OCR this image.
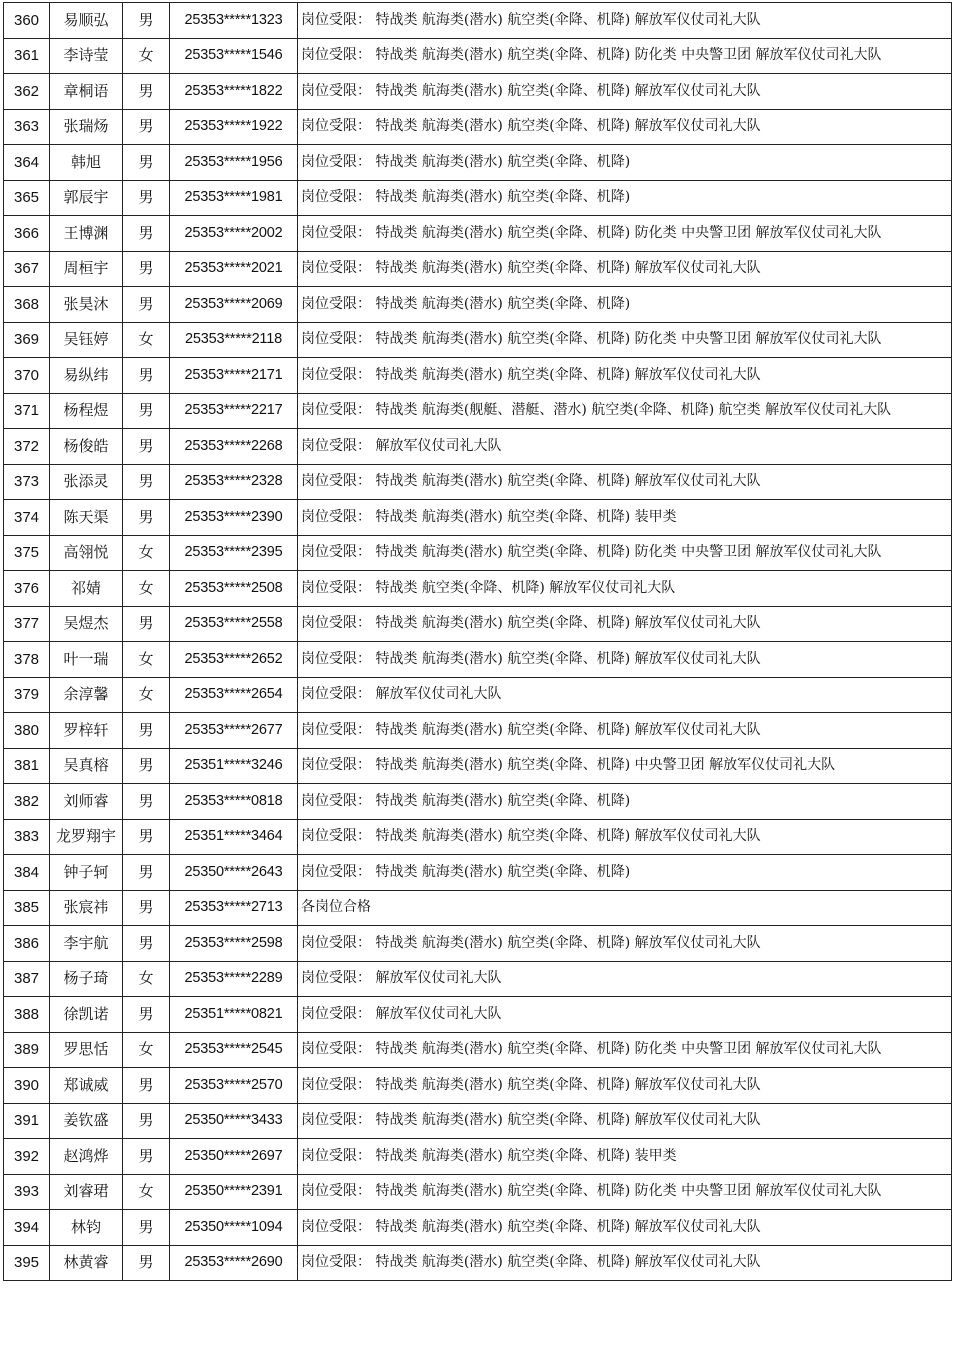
360	易顺弘	男	25353*****1323	岗位受限： 特战类 航海类(潜水) 航空类(伞降、机降) 解放军仪仗司礼大队
361	李诗莹	女	25353*****1546	岗位受限： 特战类 航海类(潜水) 航空类(伞降、机降) 防化类 中央警卫团 解放军仪仗司礼大队
362	章桐语	男	25353*****1822	岗位受限： 特战类 航海类(潜水) 航空类(伞降、机降) 解放军仪仗司礼大队
363	张瑞炀	男	25353*****1922	岗位受限： 特战类 航海类(潜水) 航空类(伞降、机降) 解放军仪仗司礼大队
364	韩旭	男	25353*****1956	岗位受限： 特战类 航海类(潜水) 航空类(伞降、机降)
365	郭辰宇	男	25353*****1981	岗位受限： 特战类 航海类(潜水) 航空类(伞降、机降)
366	王博渊	男	25353*****2002	岗位受限： 特战类 航海类(潜水) 航空类(伞降、机降) 防化类 中央警卫团 解放军仪仗司礼大队
367	周桓宇	男	25353*****2021	岗位受限： 特战类 航海类(潜水) 航空类(伞降、机降) 解放军仪仗司礼大队
368	张昊沐	男	25353*****2069	岗位受限： 特战类 航海类(潜水) 航空类(伞降、机降)
369	吴钰婷	女	25353*****2118	岗位受限： 特战类 航海类(潜水) 航空类(伞降、机降) 防化类 中央警卫团 解放军仪仗司礼大队
370	易纵纬	男	25353*****2171	岗位受限： 特战类 航海类(潜水) 航空类(伞降、机降) 解放军仪仗司礼大队
371	杨程煜	男	25353*****2217	岗位受限： 特战类 航海类(舰艇、潜艇、潜水) 航空类(伞降、机降) 航空类 解放军仪仗司礼大队
372	杨俊皓	男	25353*****2268	岗位受限： 解放军仪仗司礼大队
373	张添灵	男	25353*****2328	岗位受限： 特战类 航海类(潜水) 航空类(伞降、机降) 解放军仪仗司礼大队
374	陈天渠	男	25353*****2390	岗位受限： 特战类 航海类(潜水) 航空类(伞降、机降) 装甲类
375	高翎悦	女	25353*****2395	岗位受限： 特战类 航海类(潜水) 航空类(伞降、机降) 防化类 中央警卫团 解放军仪仗司礼大队
376	祁婧	女	25353*****2508	岗位受限： 特战类 航空类(伞降、机降) 解放军仪仗司礼大队
377	吴煜杰	男	25353*****2558	岗位受限： 特战类 航海类(潜水) 航空类(伞降、机降) 解放军仪仗司礼大队
378	叶一瑞	女	25353*****2652	岗位受限： 特战类 航海类(潜水) 航空类(伞降、机降) 解放军仪仗司礼大队
379	余淳馨	女	25353*****2654	岗位受限： 解放军仪仗司礼大队
380	罗梓轩	男	25353*****2677	岗位受限： 特战类 航海类(潜水) 航空类(伞降、机降) 解放军仪仗司礼大队
381	吴真榕	男	25351*****3246	岗位受限： 特战类 航海类(潜水) 航空类(伞降、机降) 中央警卫团 解放军仪仗司礼大队
382	刘师睿	男	25353*****0818	岗位受限： 特战类 航海类(潜水) 航空类(伞降、机降)
383	龙罗翔宇	男	25351*****3464	岗位受限： 特战类 航海类(潜水) 航空类(伞降、机降) 解放军仪仗司礼大队
384	钟子轲	男	25350*****2643	岗位受限： 特战类 航海类(潜水) 航空类(伞降、机降)
385	张宸祎	男	25353*****2713	各岗位合格
386	李宇航	男	25353*****2598	岗位受限： 特战类 航海类(潜水) 航空类(伞降、机降) 解放军仪仗司礼大队
387	杨子琦	女	25353*****2289	岗位受限： 解放军仪仗司礼大队
388	徐凯诺	男	25351*****0821	岗位受限： 解放军仪仗司礼大队
389	罗思恬	女	25353*****2545	岗位受限： 特战类 航海类(潜水) 航空类(伞降、机降) 防化类 中央警卫团 解放军仪仗司礼大队
390	郑诚威	男	25353*****2570	岗位受限： 特战类 航海类(潜水) 航空类(伞降、机降) 解放军仪仗司礼大队
391	姜钦盛	男	25350*****3433	岗位受限： 特战类 航海类(潜水) 航空类(伞降、机降) 解放军仪仗司礼大队
392	赵鸿烨	男	25350*****2697	岗位受限： 特战类 航海类(潜水) 航空类(伞降、机降) 装甲类
393	刘睿珺	女	25350*****2391	岗位受限： 特战类 航海类(潜水) 航空类(伞降、机降) 防化类 中央警卫团 解放军仪仗司礼大队
394	林钧	男	25350*****1094	岗位受限： 特战类 航海类(潜水) 航空类(伞降、机降) 解放军仪仗司礼大队
395	林黄睿	男	25353*****2690	岗位受限： 特战类 航海类(潜水) 航空类(伞降、机降) 解放军仪仗司礼大队
